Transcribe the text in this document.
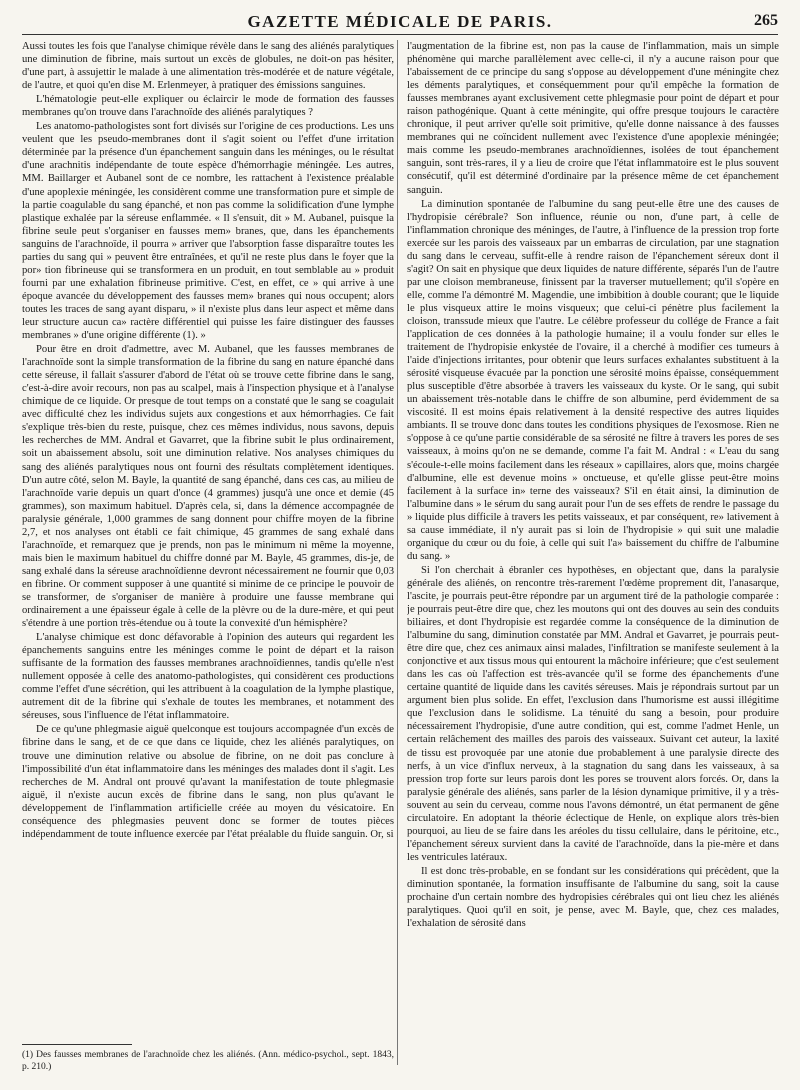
GAZETTE MÉDICALE DE PARIS.	265

Aussi toutes les fois que l'analyse chimique révèle dans le sang des aliénés paralytiques une diminution de fibrine, mais surtout un excès de globules, ne doit-on pas hésiter, d'une part, à assujettir le malade à une alimentation très-modérée et de nature végétale, de l'autre, et quoi qu'en dise M. Erlenmeyer, à pratiquer des émissions sanguines.

L'hématologie peut-elle expliquer ou éclaircir le mode de formation des fausses membranes qu'on trouve dans l'arachnoïde des aliénés paralytiques ?

Les anatomo-pathologistes sont fort divisés sur l'origine de ces productions. Les uns veulent que les pseudo-membranes dont il s'agit soient ou l'effet d'une irritation déterminée par la présence d'un épanchement sanguin dans les méninges, ou le résultat d'une arachnitis indépendante de toute espèce d'hémorrhagie méningée. Les autres, MM. Baillarger et Aubanel sont de ce nombre, les rattachent à l'existence préalable d'une apoplexie méningée, les considèrent comme une transformation pure et simple de la partie coagulable du sang épanché, et non pas comme la solidification d'une lymphe plastique exhalée par la séreuse enflammée. « Il s'ensuit, dit » M. Aubanel, puisque la fibrine seule peut s'organiser en fausses mem» branes, que, dans les épanchements sanguins de l'arachnoïde, il pourra » arriver que l'absorption fasse disparaître toutes les parties du sang qui » peuvent être entraînées, et qu'il ne reste plus dans le foyer que la por» tion fibrineuse qui se transformera en un produit, en tout semblable au » produit fourni par une exhalation fibrineuse primitive. C'est, en effet, ce » qui arrive à une époque avancée du développement des fausses mem» branes qui nous occupent; alors toutes les traces de sang ayant disparu, » il n'existe plus dans leur aspect et même dans leur structure aucun ca» ractère différentiel qui puisse les faire distinguer des fausses membranes » d'une origine différente (1). »

Pour être en droit d'admettre, avec M. Aubanel, que les fausses membranes de l'arachnoïde sont la simple transformation de la fibrine du sang en nature épanché dans cette séreuse, il fallait s'assurer d'abord de l'état où se trouve cette fibrine dans le sang, c'est-à-dire avoir recours, non pas au scalpel, mais à l'inspection physique et à l'analyse chimique de ce liquide. Or presque de tout temps on a constaté que le sang se coagulait avec difficulté chez les individus sujets aux congestions et aux hémorrhagies. Ce fait s'explique très-bien du reste, puisque, chez ces mêmes individus, nous savons, depuis les recherches de MM. Andral et Gavarret, que la fibrine subit le plus ordinairement, soit un abaissement absolu, soit une diminution relative. Nos analyses chimiques du sang des aliénés paralytiques nous ont fourni des résultats complètement identiques. D'un autre côté, selon M. Bayle, la quantité de sang épanché, dans ces cas, au milieu de l'arachnoïde varie depuis un quart d'once (4 grammes) jusqu'à une once et demie (45 grammes), son maximum habituel. D'après cela, si, dans la démence accompagnée de paralysie générale, 1,000 grammes de sang donnent pour chiffre moyen de la fibrine 2,7, et nos analyses ont établi ce fait chimique, 45 grammes de sang exhalé dans l'arachnoïde, et remarquez que je prends, non pas le minimum ni même la moyenne, mais bien le maximum habituel du chiffre donné par M. Bayle, 45 grammes, dis-je, de sang exhalé dans la séreuse arachnoïdienne devront nécessairement ne fournir que 0,03 en fibrine. Or comment supposer à une quantité si minime de ce principe le pouvoir de se transformer, de s'organiser de manière à produire une fausse membrane qui ordinairement a une épaisseur égale à celle de la plèvre ou de la dure-mère, et qui peut s'étendre à une portion très-étendue ou à toute la convexité d'un hémisphère?

L'analyse chimique est donc défavorable à l'opinion des auteurs qui regardent les épanchements sanguins entre les méninges comme le point de départ et la raison suffisante de la formation des fausses membranes arachnoïdiennes, tandis qu'elle n'est nullement opposée à celle des anatomo-pathologistes, qui considèrent ces productions comme l'effet d'une sécrétion, qui les attribuent à la coagulation de la lymphe plastique, autrement dit de la fibrine qui s'exhale de toutes les membranes, et notamment des séreuses, sous l'influence de l'état inflammatoire.

De ce qu'une phlegmasie aiguë quelconque est toujours accompagnée d'un excès de fibrine dans le sang, et de ce que dans ce liquide, chez les aliénés paralytiques, on trouve une diminution relative ou absolue de fibrine, on ne doit pas conclure à l'impossibilité d'un état inflammatoire dans les méninges des malades dont il s'agit. Les recherches de M. Andral ont prouvé qu'avant la manifestation de toute phlegmasie aiguë, il n'existe aucun excès de fibrine dans le sang, non plus qu'avant le développement de l'inflammation artificielle créée au moyen du vésicatoire. En conséquence des phlegmasies peuvent donc se former de toutes pièces indépendamment de toute influence exercée par l'état préalable du fluide sanguin. Or, si

l'augmentation de la fibrine est, non pas la cause de l'inflammation, mais un simple phénomène qui marche parallèlement avec celle-ci, il n'y a aucune raison pour que l'abaissement de ce principe du sang s'oppose au développement d'une méningite chez les déments paralytiques, et conséquemment pour qu'il empêche la formation de fausses membranes ayant exclusivement cette phlegmasie pour point de départ et pour raison pathogénique. Quant à cette méningite, qui offre presque toujours le caractère chronique, il peut arriver qu'elle soit primitive, qu'elle donne naissance à des fausses membranes qui ne coïncident nullement avec l'existence d'une apoplexie méningée; mais comme les pseudo-membranes arachnoïdiennes, isolées de tout épanchement sanguin, sont très-rares, il y a lieu de croire que l'état inflammatoire est le plus souvent consécutif, qu'il est déterminé d'ordinaire par la présence même de cet épanchement sanguin.

La diminution spontanée de l'albumine du sang peut-elle être une des causes de l'hydropisie cérébrale? Son influence, réunie ou non, d'une part, à celle de l'inflammation chronique des méninges, de l'autre, à l'influence de la pression trop forte exercée sur les parois des vaisseaux par un embarras de circulation, par une stagnation du sang dans le cerveau, suffit-elle à rendre raison de l'épanchement séreux dont il s'agit? On sait en physique que deux liquides de nature différente, séparés l'un de l'autre par une cloison membraneuse, finissent par la traverser mutuellement; qu'il s'opère en elle, comme l'a démontré M. Magendie, une imbibition à double courant; que le liquide le plus visqueux attire le moins visqueux; que celui-ci pénètre plus facilement la cloison, transsude mieux que l'autre. Le célèbre professeur du collége de France a fait l'application de ces données à la pathologie humaine; il a voulu fonder sur elles le traitement de l'hydropisie enkystée de l'ovaire, il a cherché à modifier ces tumeurs à l'aide d'injections irritantes, pour obtenir que leurs surfaces exhalantes substituent à la sérosité visqueuse évacuée par la ponction une sérosité moins épaisse, conséquemment plus susceptible d'être absorbée à travers les vaisseaux du kyste. Or le sang, qui subit un abaissement très-notable dans le chiffre de son albumine, perd évidemment de sa viscosité. Il est moins épais relativement à la densité respective des autres liquides ambiants. Il se trouve donc dans toutes les conditions physiques de l'exosmose. Rien ne s'oppose à ce qu'une partie considérable de sa sérosité ne filtre à travers les pores de ses vaisseaux, à moins qu'on ne se demande, comme l'a fait M. Andral : « L'eau du sang s'écoule-t-elle moins facilement dans les réseaux » capillaires, alors que, moins chargée d'albumine, elle est devenue moins » onctueuse, et qu'elle glisse peut-être moins facilement à la surface in» terne des vaisseaux? S'il en était ainsi, la diminution de l'albumine dans » le sérum du sang aurait pour l'un de ses effets de rendre le passage du » liquide plus difficile à travers les petits vaisseaux, et par conséquent, re» lativement à sa cause immédiate, il n'y aurait pas si loin de l'hydropisie » qui suit une maladie organique du cœur ou du foie, à celle qui suit l'a» baissement du chiffre de l'albumine du sang. »

Si l'on cherchait à ébranler ces hypothèses, en objectant que, dans la paralysie générale des aliénés, on rencontre très-rarement l'œdème proprement dit, l'anasarque, l'ascite, je pourrais peut-être répondre par un argument tiré de la pathologie comparée : je pourrais peut-être dire que, chez les moutons qui ont des douves au sein des conduits biliaires, et dont l'hydropisie est regardée comme la conséquence de la diminution de l'albumine du sang, diminution constatée par MM. Andral et Gavarret, je pourrais peut-être dire que, chez ces animaux ainsi malades, l'infiltration se manifeste seulement à la conjonctive et aux tissus mous qui entourent la mâchoire inférieure; que c'est seulement dans les cas où l'affection est très-avancée qu'il se forme des épanchements d'une certaine quantité de liquide dans les cavités séreuses. Mais je répondrais surtout par un argument bien plus solide. En effet, l'exclusion dans l'humorisme est aussi illégitime que l'exclusion dans le solidisme. La ténuité du sang a besoin, pour produire nécessairement l'hydropisie, d'une autre condition, qui est, comme l'admet Henle, un certain relâchement des mailles des parois des vaisseaux. Suivant cet auteur, la laxité de tissu est provoquée par une atonie due probablement à une paralysie directe des nerfs, à un vice d'influx nerveux, à la stagnation du sang dans les vaisseaux, à sa pression trop forte sur leurs parois dont les pores se trouvent alors forcés. Or, dans la paralysie générale des aliénés, sans parler de la lésion dynamique primitive, il y a très-souvent au sein du cerveau, comme nous l'avons démontré, un état permanent de gêne circulatoire. En adoptant la théorie éclectique de Henle, on explique alors très-bien pourquoi, au lieu de se faire dans les aréoles du tissu cellulaire, dans le péritoine, etc., l'épanchement séreux survient dans la cavité de l'arachnoïde, dans la pie-mère et dans les ventricules latéraux.

Il est donc très-probable, en se fondant sur les considérations qui précèdent, que la diminution spontanée, la formation insuffisante de l'albumine du sang, soit la cause prochaine d'un certain nombre des hydropisies cérébrales qui ont lieu chez les aliénés paralytiques. Quoi qu'il en soit, je pense, avec M. Bayle, que, chez ces malades, l'exhalation de sérosité dans

(1) Des fausses membranes de l'arachnoïde chez les aliénés. (Ann. médico-psychol., sept. 1843, p. 210.)
